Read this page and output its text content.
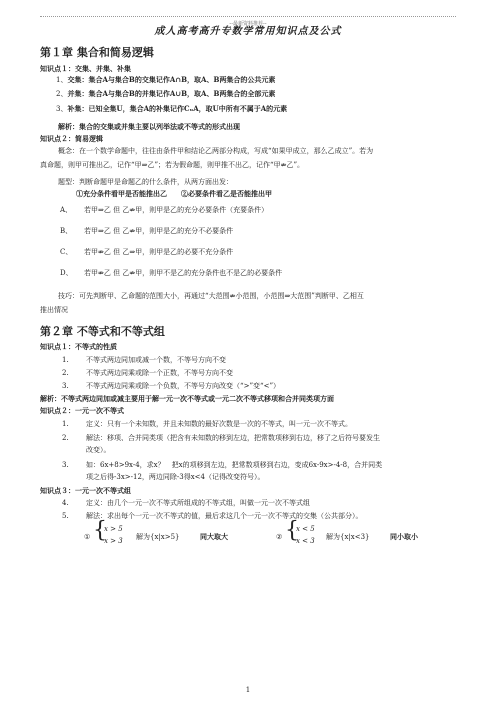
$_{--最新资料推荐--}$
成人高考高升专数学常用知识点及公式
第１章 集合和简易逻辑
知识点１：交集、并集、补集
1、交集：集合A与集合B的交集记作A∩B，取A、B两集合的公共元素
2、并集：集合A与集合B的并集记作A∪B，取A、B两集合的全部元素
3、补集：已知全集U，集合A的补集记作CᵤA，取U中所有不属于A的元素
解析：集合的交集或并集主要以列举法或不等式的形式出现
知识点２：简易逻辑
概念：在一个数学命题中，往往由条件甲和结论乙两部分构成，写成“如果甲成立，那么乙成立”。若为
真命题，则甲可推出乙，记作“甲⇒乙”；若为假命题，则甲推不出乙，记作“甲⇏乙”。
题型：判断命题甲是命题乙的什么条件，从两方面出发：
①充分条件看甲是否能推出乙　　②必要条件看乙是否能推出甲
A、 若甲⇒乙 但 乙⇏甲，则甲是乙的充分必要条件（充要条件）
B、 若甲⇒乙 但 乙⇏甲，则甲是乙的充分不必要条件
C、 若甲⇏乙 但 乙⇒甲，则甲是乙的必要不充分条件
D、 若甲⇏乙 但 乙⇏甲，则甲不是乙的充分条件也不是乙的必要条件
技巧：可先判断甲、乙命题的范围大小，再通过“大范围⇏小范围，小范围⇒大范围”判断甲、乙相互
推出情况
第２章 不等式和不等式组
知识点１：不等式的性质
1. 不等式两边同加或减一个数，不等号方向不变
2. 不等式两边同乘或除一个正数，不等号方向不变
3. 不等式两边同乘或除一个负数，不等号方向改变（“>”变“<”）
解析：不等式两边同加或减主要用于解一元一次不等式或一元二次不等式移项和合并同类项方面
知识点２：一元一次不等式
1. 定义：只有一个未知数，并且未知数的最好次数是一次的不等式，叫一元一次不等式。
2. 解法：移项、合并同类项（把含有未知数的移到左边，把常数项移到右边，移了之后符号要发生
改变）。
3. 如：6x+8>9x-4，求x？　把x的项移到左边，把常数项移到右边，变成6x-9x>-4-8，合并同类
项之后得-3x>-12，两边同除-3得x<4（记得改变符号）。
知识点３：一元一次不等式组
4. 定义：由几个一元一次不等式所组成的不等式组，叫做一元一次不等式组
5. 解法：求出每个一元一次不等式的值，最后求这几个一元一次不等式的交集（公共部分）。
① {
x > 5
x > 3 解为{x|x>5}	同大取大	② {
x < 5
x < 3 解为{x|x<3}	同小取小
1
